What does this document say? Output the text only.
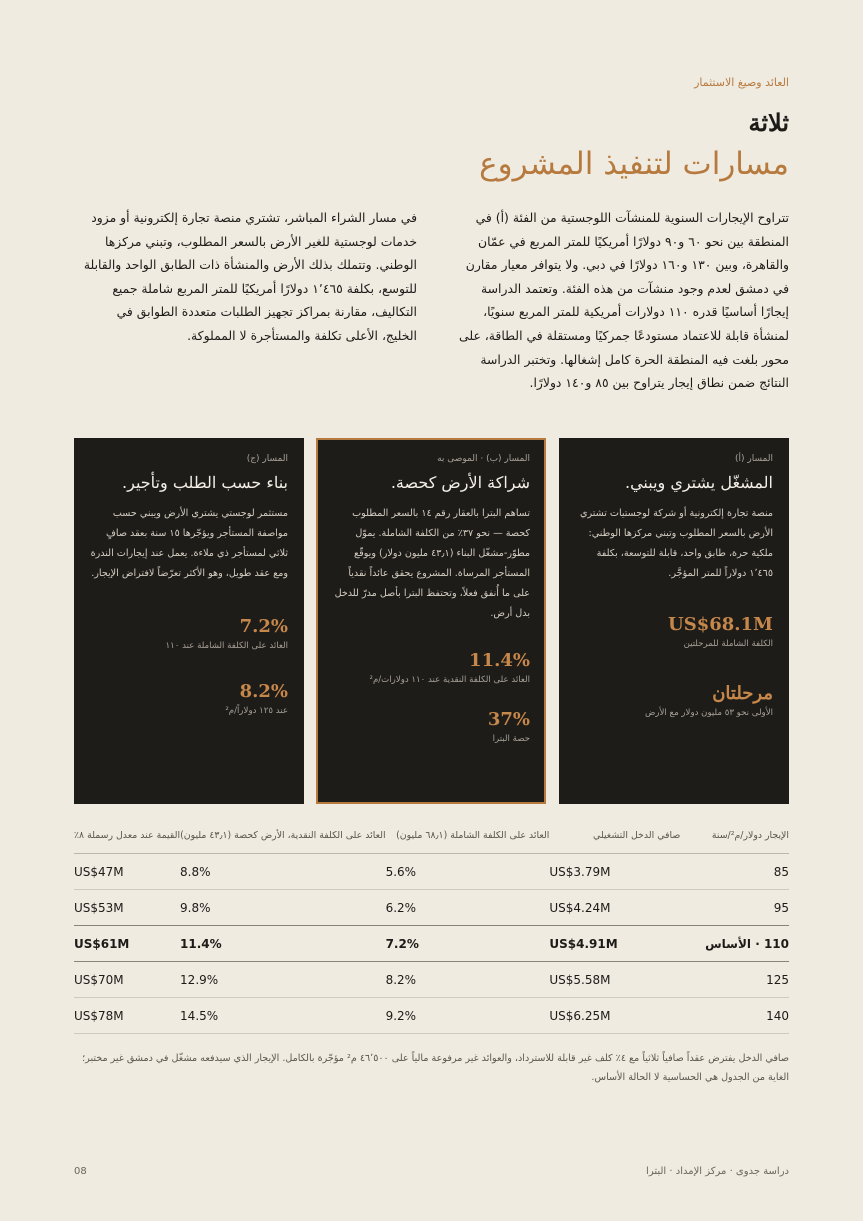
العائد وصيغ الاستثمار
ثلاثة
مسارات لتنفيذ المشروع

تتراوح الإيجارات السنوية للمنشآت اللوجستية من الفئة (أ) في المنطقة بين نحو ٦٠ و٩٠ دولارًا أمريكيًا للمتر المربع في عمّان والقاهرة، وبين ١٣٠ و١٦٠ دولارًا في دبي. ولا يتوافر معيار مقارن في دمشق لعدم وجود منشآت من هذه الفئة. وتعتمد الدراسة إيجارًا أساسيًا قدره ١١٠ دولارات أمريكية للمتر المربع سنويًا، لمنشأة قابلة للاعتماد مستودعًا جمركيًا ومستقلة في الطاقة، على محور بلغت فيه المنطقة الحرة كامل إشغالها. وتختبر الدراسة النتائج ضمن نطاق إيجار يتراوح بين ٨٥ و١٤٠ دولارًا.

في مسار الشراء المباشر، تشتري منصة تجارة إلكترونية أو مزود خدمات لوجستية للغير الأرض بالسعر المطلوب، وتبني مركزها الوطني. وتتملك بذلك الأرض والمنشأة ذات الطابق الواحد والقابلة للتوسع، بكلفة ١٬٤٦٥ دولارًا أمريكيًا للمتر المربع شاملة جميع التكاليف، مقارنة بمراكز تجهيز الطلبات متعددة الطوابق في الخليج، الأعلى تكلفة والمستأجرة لا المملوكة.

المسار (أ)
المشغّل يشتري ويبني.

منصة تجارة إلكترونية أو شركة لوجستيات تشتري الأرض بالسعر المطلوب وتبني مركزها الوطني: ملكية حرة، طابق واحد، قابلة للتوسعة، بكلفة ١٬٤٦٥ دولاراً للمتر المؤجَّر.

US$68.1M
الكلفة الشاملة للمرحلتين
مرحلتان
الأولى نحو ٥٣ مليون دولار مع الأرض
المسار (ب) · الموصى به
شراكة الأرض كحصة.

تساهم البترا بالعقار رقم ١٤ بالسعر المطلوب كحصة — نحو ٣٧٪ من الكلفة الشاملة. يموّل مطوّر-مشغّل البناء (٤٣٫١ مليون دولار) ويوقّع المستأجر المرساة. المشروع يحقق عائداً نقدياً على ما أُنفق فعلاً، وتحتفظ البترا بأصل مدرّ للدخل بدل أرض.

11.4%
العائد على الكلفة النقدية عند ١١٠ دولارات/م²
37%
حصة البترا
المسار (ج)
بناء حسب الطلب وتأجير.

مستثمر لوجستي يشتري الأرض ويبني حسب مواصفة المستأجر ويؤجّرها ١٥ سنة بعقد صافٍ ثلاثي لمستأجر ذي ملاءة. يعمل عند إيجارات الندرة ومع عقد طويل، وهو الأكثر تعرّضاً لافتراض الإيجار.

7.2%
العائد على الكلفة الشاملة عند ١١٠
8.2%
عند ١٢٥ دولاراً/م²
الإيجار دولار/م²/سنة	صافي الدخل التشغيلي	العائد على الكلفة الشاملة (٦٨٫١ مليون)	العائد على الكلفة النقدية، الأرض كحصة (٤٣٫١ مليون)	القيمة عند معدل رسملة ٨٪
85	US$3.79M	5.6%	8.8%	US$47M
95	US$4.24M	6.2%	9.8%	US$53M
110 · الأساس	US$4.91M	7.2%	11.4%	US$61M
125	US$5.58M	8.2%	12.9%	US$70M
140	US$6.25M	9.2%	14.5%	US$78M

صافي الدخل يفترض عقداً صافياً ثلاثياً مع ٤٪ كلف غير قابلة للاسترداد، والعوائد غير مرفوعة مالياً على ٤٦٬٥٠٠ م² مؤجّرة بالكامل. الإيجار الذي سيدفعه مشغّل في دمشق غير مختبر؛ الغاية من الجدول هي الحساسية لا الحالة الأساس.

08	دراسة جدوى · مركز الإمداد · البترا
